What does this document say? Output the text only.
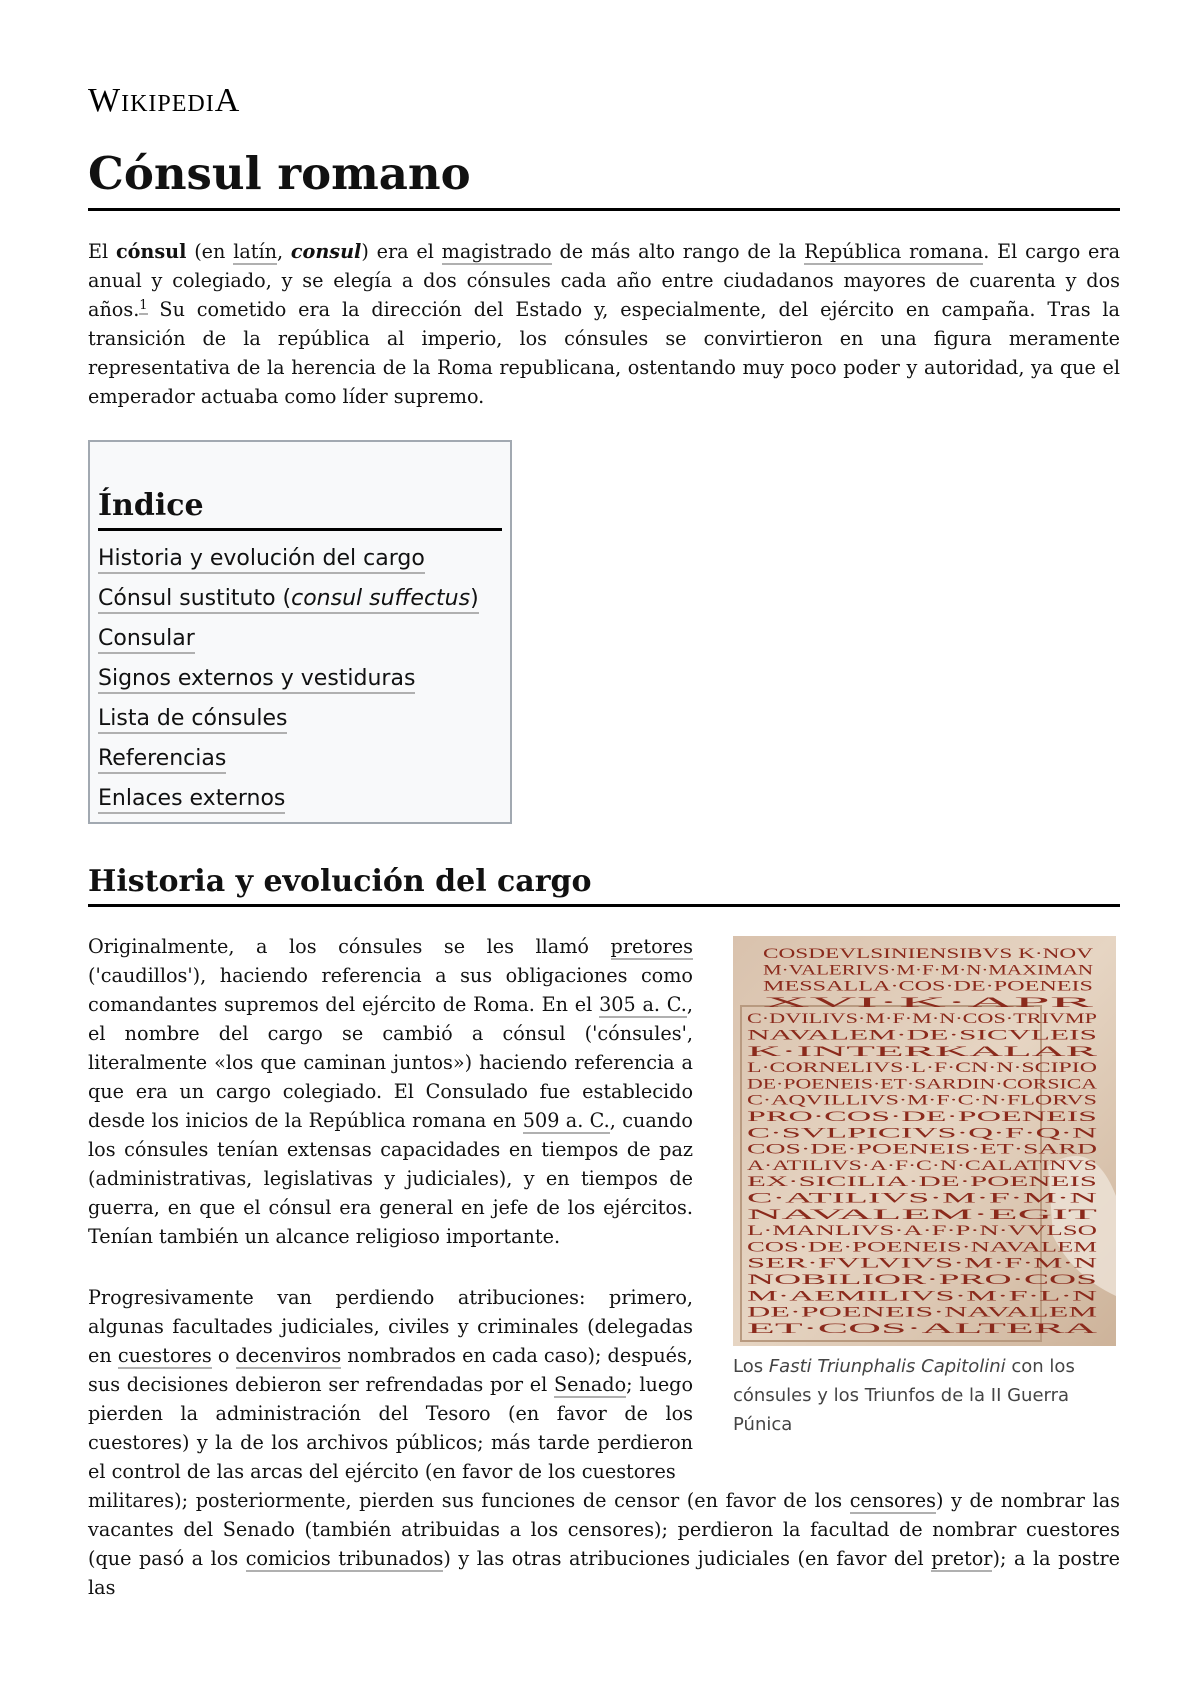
WikipediA
Cónsul romano

El cónsul (en latín, consul) era el magistrado de más alto rango de la República romana. El cargo era anual y colegiado, y se elegía a dos cónsules cada año entre ciudadanos mayores de cuarenta y dos años.$^1$ Su cometido era la dirección del Estado y, especialmente, del ejército en campaña. Tras la transición de la república al imperio, los cónsules se convirtieron en una figura meramente representativa de la herencia de la Roma republicana, ostentando muy poco poder y autoridad, ya que el emperador actuaba como líder supremo.

Índice
Historia y evolución del cargo
Cónsul sustituto (consul suffectus)
Consular
Signos externos y vestiduras
Lista de cónsules
Referencias
Enlaces externos
Historia y evolución del cargo

Originalmente, a los cónsules se les llamó pretores ('caudillos'), haciendo referencia a sus obligaciones como comandantes supremos del ejército de Roma. En el 305 a. C., el nombre del cargo se cambió a cónsul ('cónsules', literalmente «los que caminan juntos») haciendo referencia a que era un cargo colegiado. El Consulado fue establecido desde los inicios de la República romana en 509 a. C., cuando los cónsules tenían extensas capacidades en tiempos de paz (administrativas, legislativas y judiciales), y en tiempos de guerra, en que el cónsul era general en jefe de los ejércitos. Tenían también un alcance religioso importante.

Progresivamente van perdiendo atribuciones: primero, algunas facultades judiciales, civiles y criminales (delegadas en cuestores o decenviros nombrados en cada caso); después, sus decisiones debieron ser refrendadas por el Senado; luego pierden la administración del Tesoro (en favor de los cuestores) y la de los archivos públicos; más tarde perdieron el control de las arcas del ejército (en favor de los cuestores

militares); posteriormente, pierden sus funciones de censor (en favor de los censores) y de nombrar las vacantes del Senado (también atribuidas a los censores); perdieron la facultad de nombrar cuestores (que pasó a los comicios tribunados) y las otras atribuciones judiciales (en favor del pretor); a la postre las

COSDEVLSINIENSIBVS K·NOV
M·VALERIVS·M·F·M·N·MAXIMAN
MESSALLA·COS·DE·POENEIS
XVI·K·APR
C·DVILIVS·M·F·M·N·COS·TRIVMP
NAVALEM·DE·SICVLEIS
K·INTERKALAR
L·CORNELIVS·L·F·CN·N·SCIPIO
DE·POENEIS·ET·SARDIN·CORSICA
C·AQVILLIVS·M·F·C·N·FLORVS
PRO·COS·DE·POENEIS
C·SVLPICIVS·Q·F·Q·N
COS·DE·POENEIS·ET·SARD
A·ATILIVS·A·F·C·N·CALATINVS
EX·SICILIA·DE·POENEIS
C·ATILIVS·M·F·M·N
NAVALEM·EGIT
L·MANLIVS·A·F·P·N·VVLSO
COS·DE·POENEIS·NAVALEM
SER·FVLVIVS·M·F·M·N
NOBILIOR·PRO·COS
M·AEMILIVS·M·F·L·N
DE·POENEIS·NAVALEM
ET·COS·ALTERA
Los Fasti Triunphalis Capitolini con los cónsules y los Triunfos de la II Guerra Púnica
